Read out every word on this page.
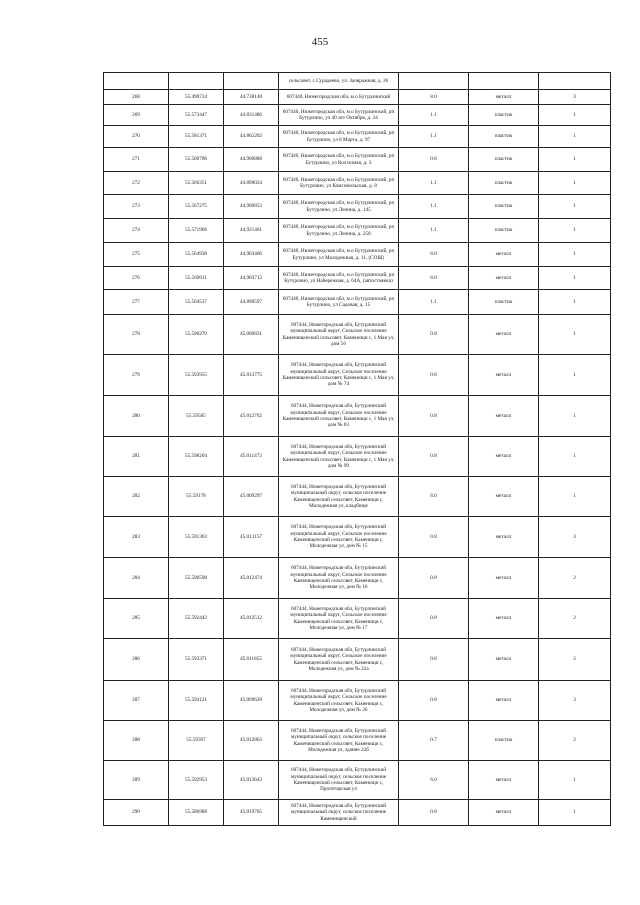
455
			сельсовет, с.Сурадеево, ул. Заовражная, д. 36			
268	55.490724	44.738148	607440, Нижегородская обл, м.о Бутурлинский	8.0	металл	3
269	55.573447	44.831486	607440, Нижегородская обл, м.о Бутурлинский, рп Бутурлино, ул 40 лет Октября, д. 24	1.1	пластик	1
270	55.581371	44.862202	607440, Нижегородская обл, м.о Бутурлинский, рп Бутурлино, ул 8 Марта, д. 97	1.1	пластик	1
271	55.560786	44.900888	607440, Нижегородская обл, м.о Бутурлинский, рп Бутурлино, ул Колхозная, д. 3	0.8	пластик	1
272	55.566351	44.890024	607440, Нижегородская обл, м.о Бутурлинский, рп Бутурлино, ул Комсомольская, д. 8	1.1	пластик	1
273	55.567275	44.909853	607440, Нижегородская обл, м.о Бутурлинский, рп Бутурлино, ул Ленина, д. 145	1.1	пластик	1
274	55.571966	44.921461	607440, Нижегородская обл, м.о Бутурлинский, рп Бутурлино, ул Ленина, д. 258	1.1	пластик	1
275	55.564938	44.903466	607440, Нижегородская обл, м.о Бутурлинский, рп Бутурлино, ул Молодежная, д. 11, (СОШ)	8.0	металл	1
276	55.569011	44.903712	607440, Нижегородская обл, м.о Бутурлинский, рп Бутурлино, ул Набережная, д. 64А, (автостоянка)	8.0	металл	1
277	55.564537	44.890597	607440, Нижегородская обл, м.о Бутурлинский, рп Бутурлино, ул Садовая, д. 15	1.1	пластик	1
278	55.590270	45.009831	607444, Нижегородская обл, Бутурлинский муниципальный округ, Сельское поселение Каменищенский сельсовет, Каменищи с, 1 Мая ул, дом 56	0.8	металл	1
279	55.593955	45.013775	607444, Нижегородская обл, Бутурлинский муниципальный округ, Сельское поселение Каменищенский сельсовет, Каменищи с, 1 Мая ул, дом № 74	0.8	металл	1
280	55.59585	45.012762	607444, Нижегородская обл, Бутурлинский муниципальный округ, Сельское поселение Каменищенский сельсовет, Каменищи с, 1 Мая ул, дом № 83	0.8	металл	1
281	55.598204	45.011472	607444, Нижегородская обл, Бутурлинский муниципальный округ, Сельское поселение Каменищенский сельсовет, Каменищи с, 1 Мая ул, дом № 99	0.8	металл	1
282	55.59178	45.009297	607444, Нижегородская обл, Бутурлинский муниципальный округ, сельское поселение Каменищенский сельсовет, Каменищи с, Молодежная ул, кладбище	8.0	металл	1
283	55.591363	45.013157	607444, Нижегородская обл, Бутурлинский муниципальный округ, Сельское поселение Каменищенский сельсовет, Каменищи с, Молодежная ул, дом № 15	0.8	металл	3
284	55.590598	45.012474	607444, Нижегородская обл, Бутурлинский муниципальный округ, Сельское поселение Каменищенский сельсовет, Каменищи с, Молодежная ул, дом № 16	0.8	металл	2
285	55.592442	45.012512	607444, Нижегородская обл, Бутурлинский муниципальный округ, Сельское поселение Каменищенский сельсовет, Каменищи с, Молодежная ул, дом № 17	0.8	металл	2
286	55.593371	45.011855	607444, Нижегородская обл, Бутурлинский муниципальный округ, Сельское поселение Каменищенский сельсовет, Каменищи с, Молодежная ул, дом № 22а	0.8	металл	2
287	55.594121	45.009628	607444, Нижегородская обл, Бутурлинский муниципальный округ, Сельское поселение Каменищенский сельсовет, Каменищи с, Молодежная ул, дом № 26	0.8	металл	3
288	55.59397	45.012863	607444, Нижегородская обл, Бутурлинский муниципальный округ, сельское поселение Каменищенский сельсовет, Каменищи с, Молодежная ул, здание 22б	0.7	пластик	2
289	55.592953	45.013643	607444, Нижегородская обл, Бутурлинский муниципальный округ, сельское поселение Каменищенский сельсовет, Каменищи с, Пролетарская ул	6.0	металл	1
290	55.586988	45.019765	607444, Нижегородская обл, Бутурлинский муниципальный округ, сельское поселение Каменищенский	0.8	металл	1
